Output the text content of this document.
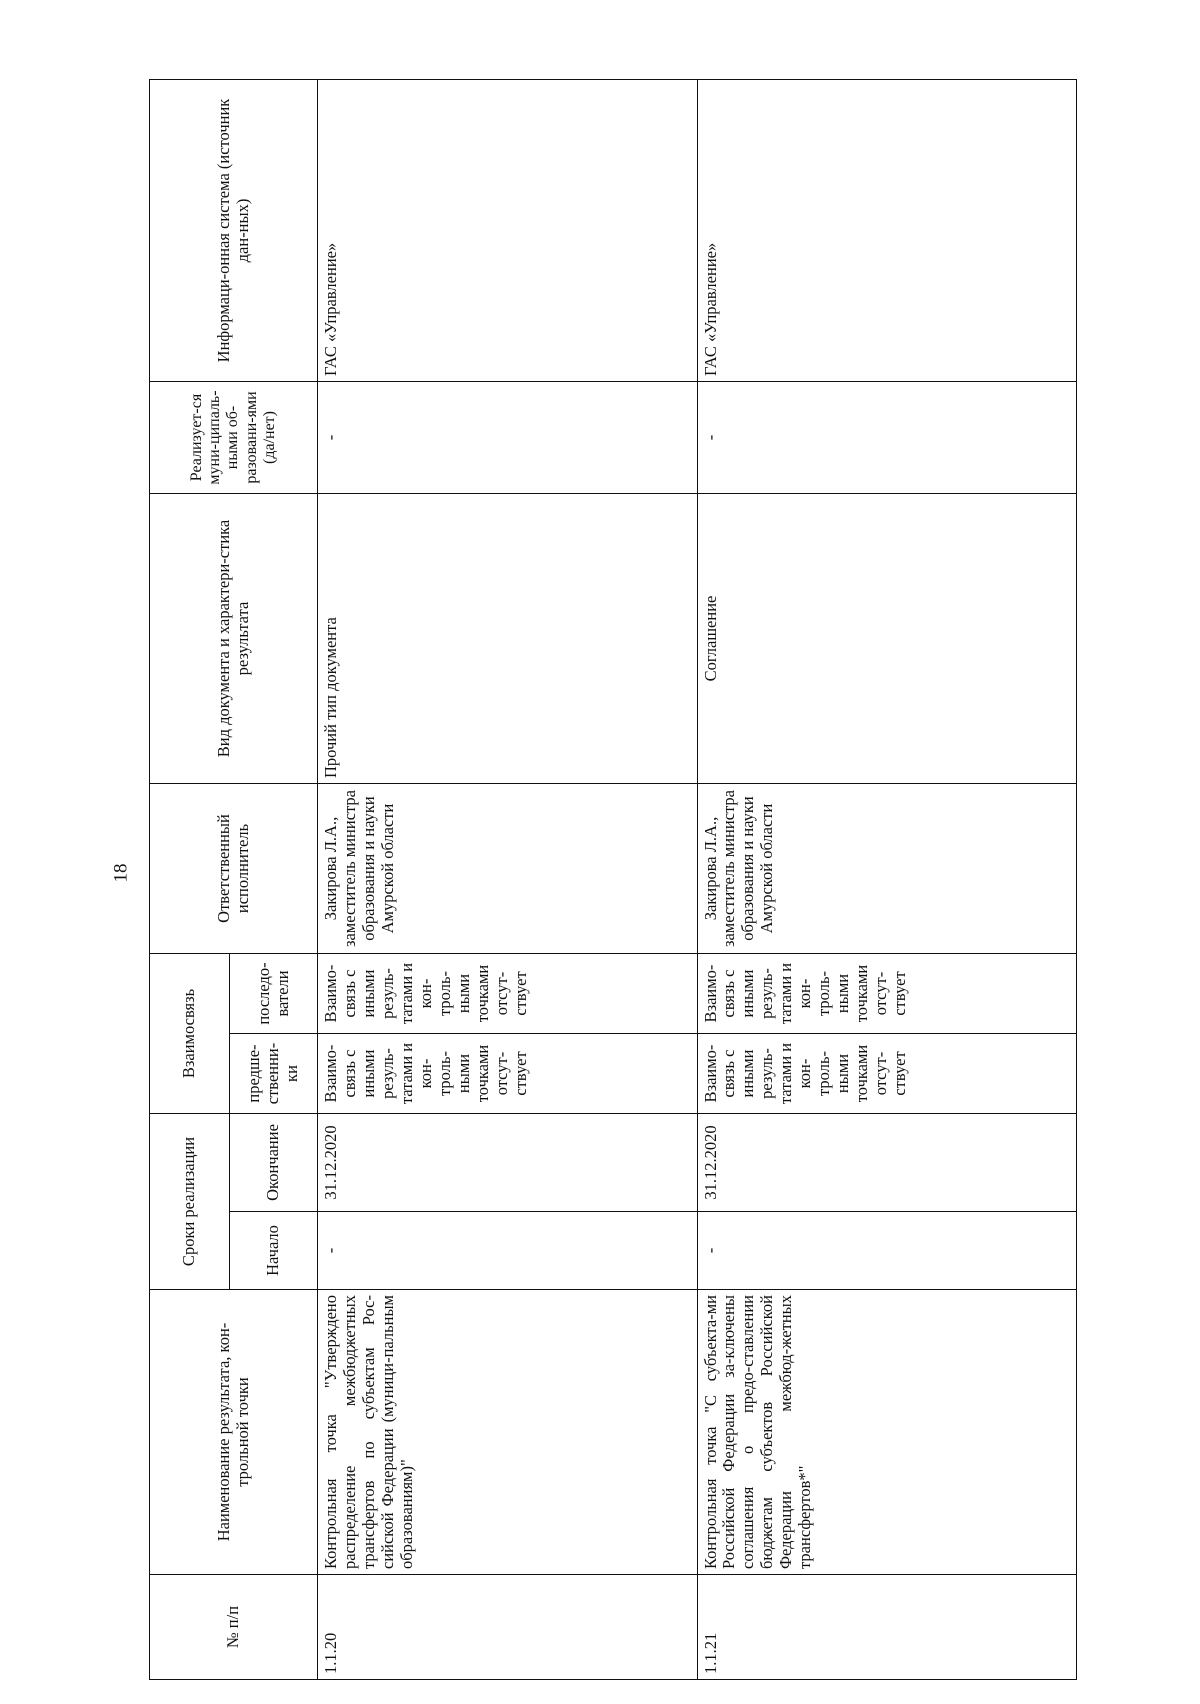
18
№ п/п	Наименование результата, кон-трольной точки	Сроки реализации		Взаимосвязь		Ответственный исполнитель	Вид документа и характери-стика результата	Реализует-ся муни-ципаль-ными об-разовани-ями (да/нет)	Информаци-онная система (источник дан-ных)
		Начало	Окончание	предше-ственни-ки	последо-ватели				
1.1.20	Контрольная точка "Утверждено распределение межбюджетных трансфертов по субъектам Рос-сийской Федерации (муници-пальным образованиям)"	-	31.12.2020	Взаимо-связь с иными резуль-татами и кон-троль-ными точками отсут-ствует	Взаимо-связь с иными резуль-татами и кон-троль-ными точками отсут-ствует	Закирова Л.А., заместитель министра образования и науки Амурской области	Прочий тип документа	-	ГАС «Управление»
1.1.21	Контрольная точка "С субъекта-ми Российской Федерации за-ключены соглашения о предо-ставлении бюджетам субъектов Российской Федерации межбюд-жетных трансфертов*"	-	31.12.2020	Взаимо-связь с иными резуль-татами и кон-троль-ными точками отсут-ствует	Взаимо-связь с иными резуль-татами и кон-троль-ными точками отсут-ствует	Закирова Л.А., заместитель министра образования и науки Амурской области	Соглашение	-	ГАС «Управление»
